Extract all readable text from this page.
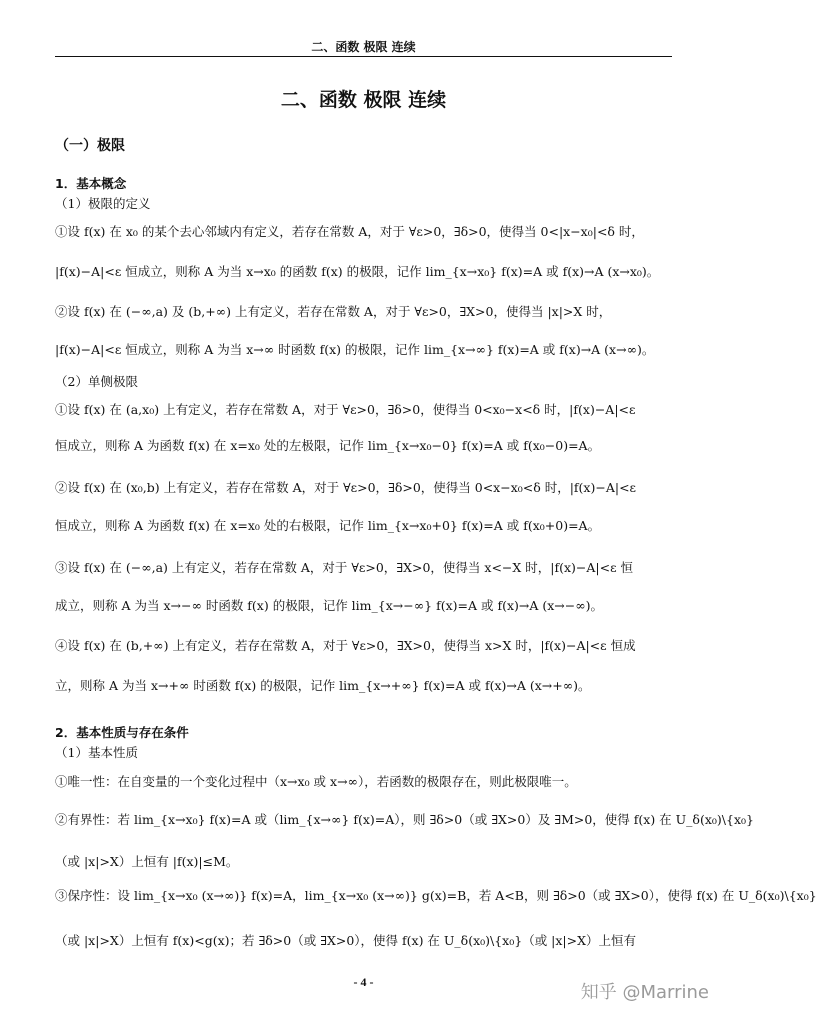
二、函数 极限 连续
二、函数 极限 连续
（一）极限
1．基本概念
（1）极限的定义
①设 f(x) 在 x₀ 的某个去心邻域内有定义，若存在常数 A，对于 ∀ε>0，∃δ>0，使得当 0<|x−x₀|<δ 时，
|f(x)−A|<ε 恒成立，则称 A 为当 x→x₀ 的函数 f(x) 的极限，记作 lim_{x→x₀} f(x)=A 或 f(x)→A (x→x₀)。
②设 f(x) 在 (−∞,a) 及 (b,+∞) 上有定义，若存在常数 A，对于 ∀ε>0，∃X>0，使得当 |x|>X 时，
|f(x)−A|<ε 恒成立，则称 A 为当 x→∞ 时函数 f(x) 的极限，记作 lim_{x→∞} f(x)=A 或 f(x)→A (x→∞)。
（2）单侧极限
①设 f(x) 在 (a,x₀) 上有定义，若存在常数 A，对于 ∀ε>0，∃δ>0，使得当 0<x₀−x<δ 时，|f(x)−A|<ε
恒成立，则称 A 为函数 f(x) 在 x=x₀ 处的左极限，记作 lim_{x→x₀−0} f(x)=A 或 f(x₀−0)=A。
②设 f(x) 在 (x₀,b) 上有定义，若存在常数 A，对于 ∀ε>0，∃δ>0，使得当 0<x−x₀<δ 时，|f(x)−A|<ε
恒成立，则称 A 为函数 f(x) 在 x=x₀ 处的右极限，记作 lim_{x→x₀+0} f(x)=A 或 f(x₀+0)=A。
③设 f(x) 在 (−∞,a) 上有定义，若存在常数 A，对于 ∀ε>0，∃X>0，使得当 x<−X 时，|f(x)−A|<ε 恒
成立，则称 A 为当 x→−∞ 时函数 f(x) 的极限，记作 lim_{x→−∞} f(x)=A 或 f(x)→A (x→−∞)。
④设 f(x) 在 (b,+∞) 上有定义，若存在常数 A，对于 ∀ε>0，∃X>0，使得当 x>X 时，|f(x)−A|<ε 恒成
立，则称 A 为当 x→+∞ 时函数 f(x) 的极限，记作 lim_{x→+∞} f(x)=A 或 f(x)→A (x→+∞)。
2．基本性质与存在条件
（1）基本性质
①唯一性：在自变量的一个变化过程中（x→x₀ 或 x→∞），若函数的极限存在，则此极限唯一。
②有界性：若 lim_{x→x₀} f(x)=A 或（lim_{x→∞} f(x)=A），则 ∃δ>0（或 ∃X>0）及 ∃M>0，使得 f(x) 在 U_δ(x₀)\{x₀}
（或 |x|>X）上恒有 |f(x)|≤M。
③保序性：设 lim_{x→x₀ (x→∞)} f(x)=A，lim_{x→x₀ (x→∞)} g(x)=B，若 A<B，则 ∃δ>0（或 ∃X>0），使得 f(x) 在 U_δ(x₀)\{x₀}
（或 |x|>X）上恒有 f(x)<g(x)；若 ∃δ>0（或 ∃X>0），使得 f(x) 在 U_δ(x₀)\{x₀}（或 |x|>X）上恒有
- 4 -	知乎 @Marrine
